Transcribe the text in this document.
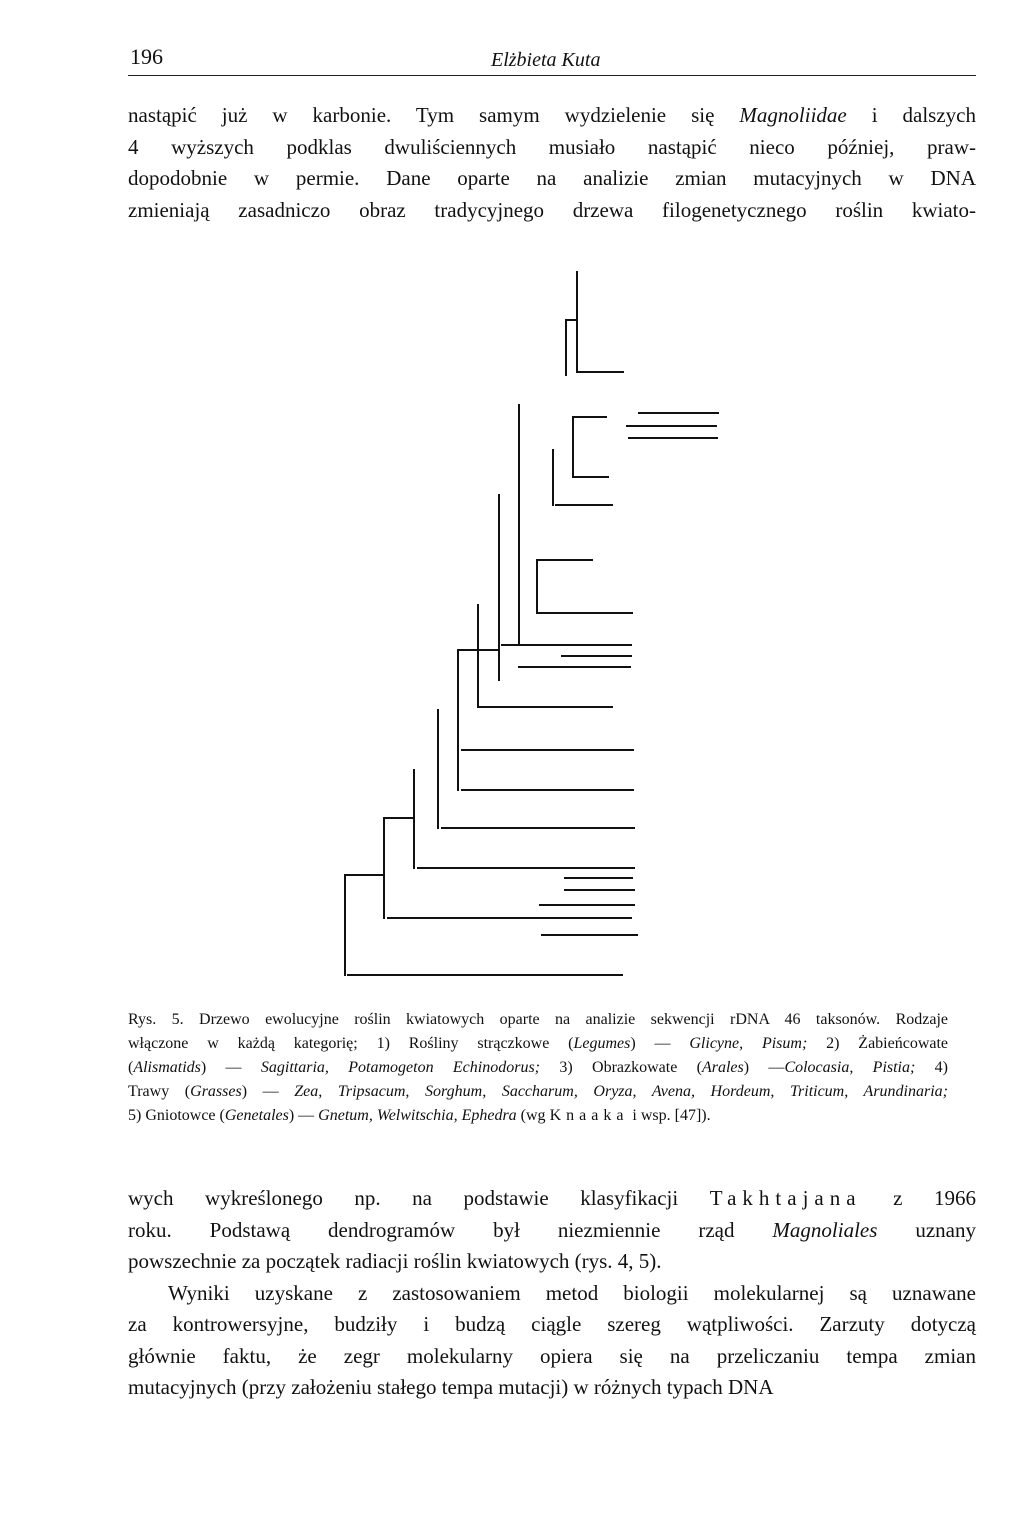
196	Elżbieta Kuta
nastąpić już w karbonie. Tym samym wydzielenie się Magnoliidae i dalszych
4 wyższych podklas dwuliściennych musiało nastąpić nieco później, praw-
dopodobnie w permie. Dane oparte na analizie zmian mutacyjnych w DNA
zmieniają zasadniczo obraz tradycyjnego drzewa filogenetycznego roślin kwiato-
Rys. 5. Drzewo ewolucyjne roślin kwiatowych oparte na analizie sekwencji rDNA 46 taksonów. Rodzaje
włączone w każdą kategorię; 1) Rośliny strączkowe (Legumes) — Glicyne, Pisum; 2) Żabieńcowate
(Alismatids) — Sagittaria, Potamogeton Echinodorus; 3) Obrazkowate (Arales) —Colocasia, Pistia; 4)
Trawy (Grasses) — Zea, Tripsacum, Sorghum, Saccharum, Oryza, Avena, Hordeum, Triticum, Arundinaria;
5) Gniotowce (Genetales) — Gnetum, Welwitschia, Ephedra (wg Knaaka i wsp. [47]).
wych wykreślonego np. na podstawie klasyfikacji Takhtajana z 1966
roku. Podstawą dendrogramów był niezmiennie rząd Magnoliales uznany
powszechnie za początek radiacji roślin kwiatowych (rys. 4, 5).
Wyniki uzyskane z zastosowaniem metod biologii molekularnej są uznawane
za kontrowersyjne, budziły i budzą ciągle szereg wątpliwości. Zarzuty dotyczą
głównie faktu, że zegr molekularny opiera się na przeliczaniu tempa zmian
mutacyjnych (przy założeniu stałego tempa mutacji) w różnych typach DNA
